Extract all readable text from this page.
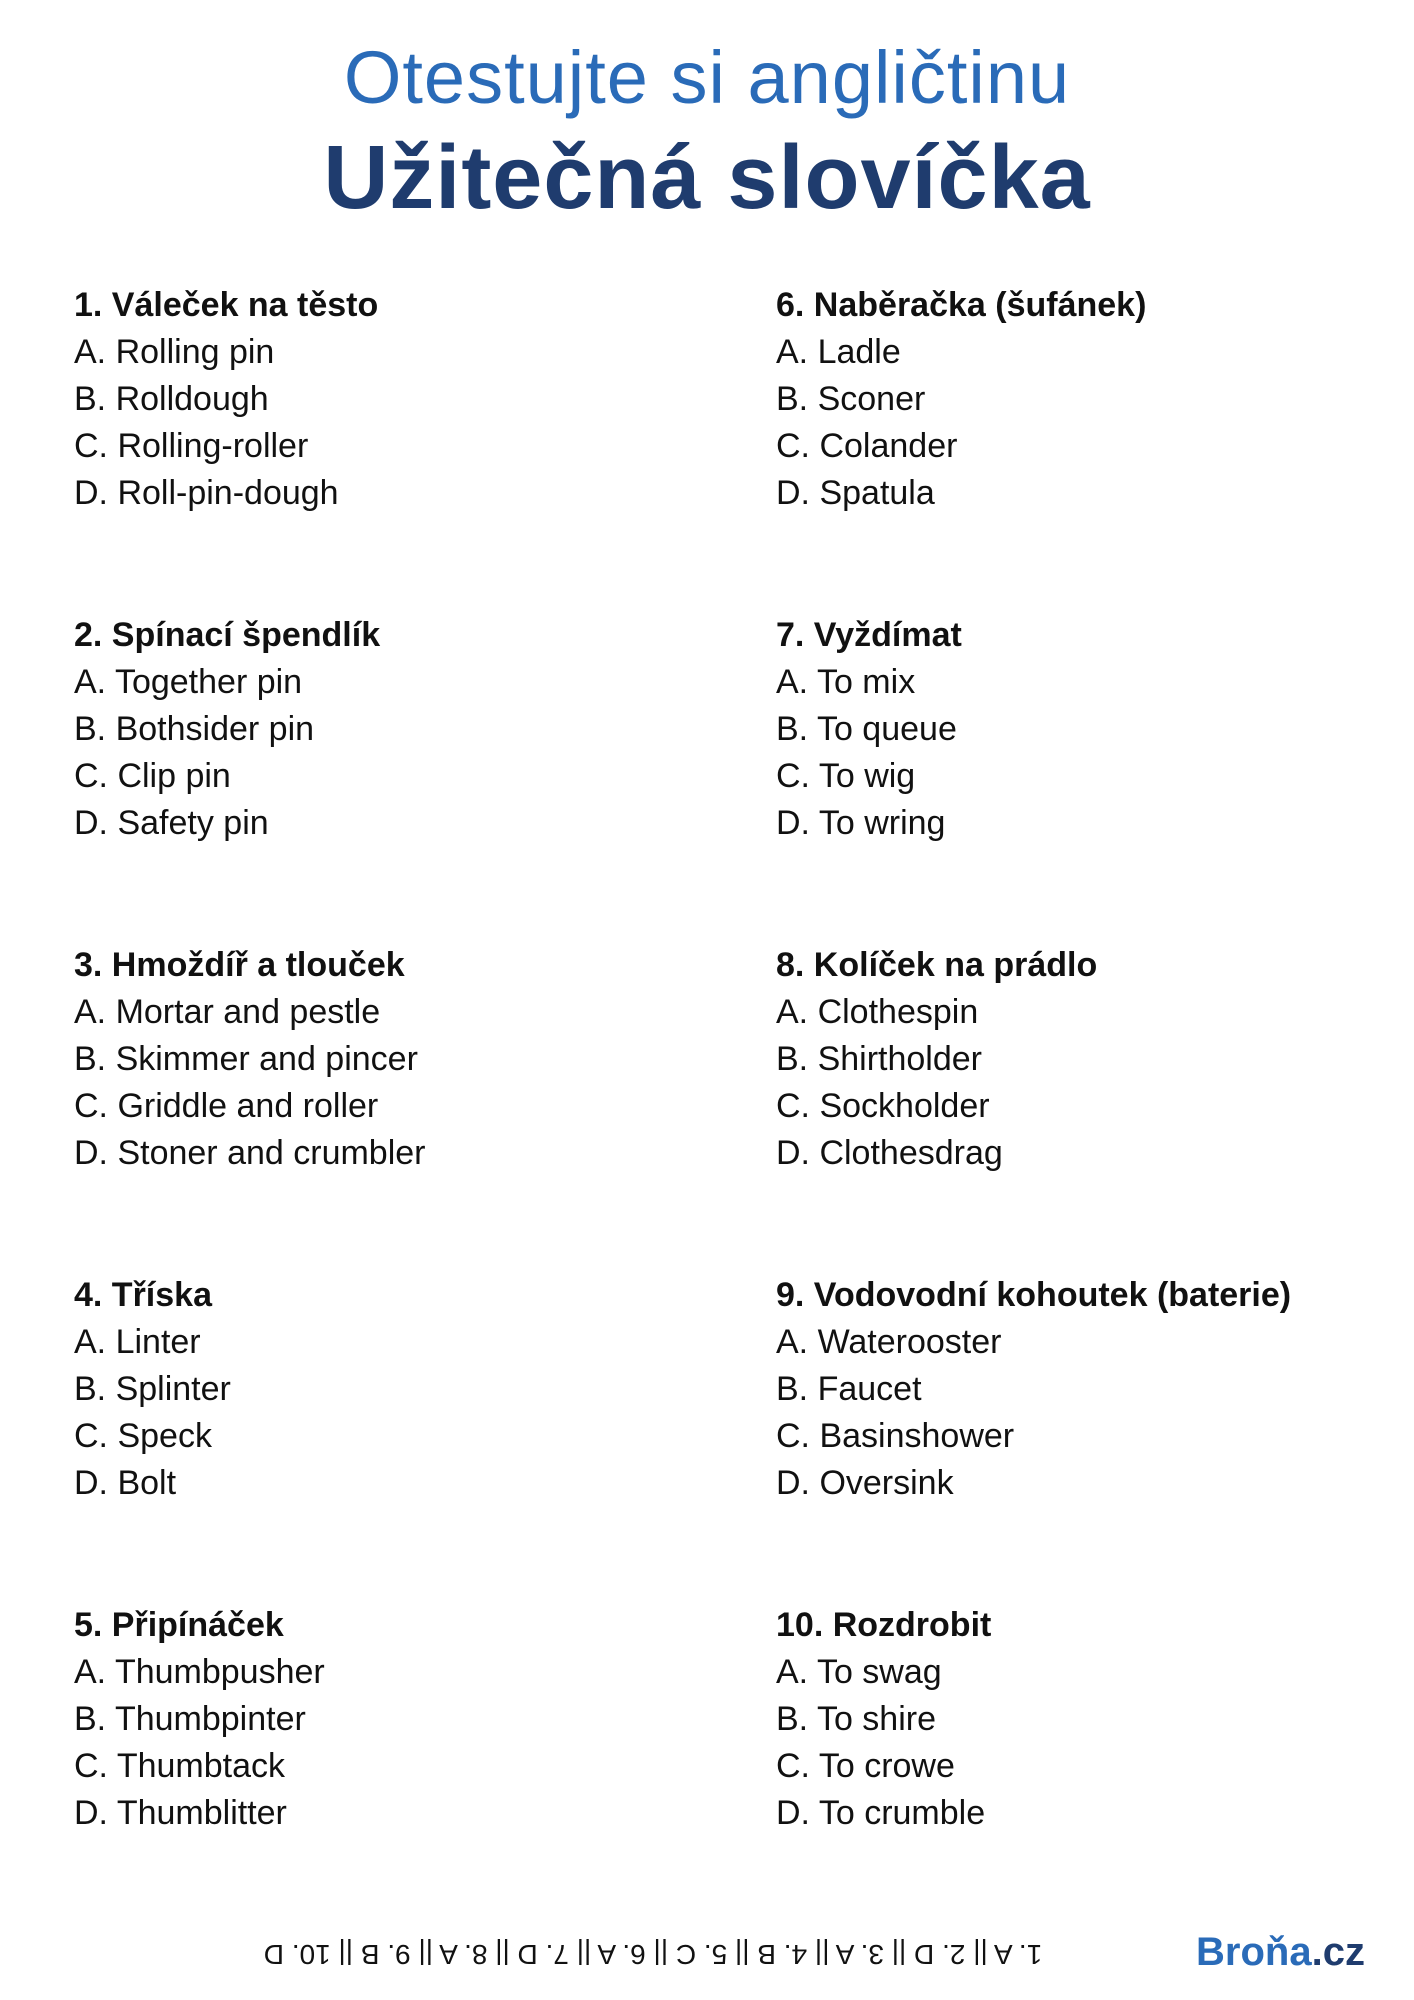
Otestujte si angličtinu
Užitečná slovíčka
1. Váleček na těsto
A. Rolling pin
B. Rolldough
C. Rolling-roller
D. Roll-pin-dough
2. Spínací špendlík
A. Together pin
B. Bothsider pin
C. Clip pin
D. Safety pin
3. Hmoždíř a tlouček
A. Mortar and pestle
B. Skimmer and pincer
C. Griddle and roller
D. Stoner and crumbler
4. Tříska
A. Linter
B. Splinter
C. Speck
D. Bolt
5. Připínáček
A. Thumbpusher
B. Thumbpinter
C. Thumbtack
D. Thumblitter
6. Naběračka (šufánek)
A. Ladle
B. Sconer
C. Colander
D. Spatula
7. Vyždímat
A. To mix
B. To queue
C. To wig
D. To wring
8. Kolíček na prádlo
A. Clothespin
B. Shirtholder
C. Sockholder
D. Clothesdrag
9. Vodovodní kohoutek (baterie)
A. Waterooster
B. Faucet
C. Basinshower
D. Oversink
10. Rozdrobit
A. To swag
B. To shire
C. To crowe
D. To crumble
1. A || 2. D || 3. A || 4. B || 5. C || 6. A || 7. D || 8. A || 9. B || 10. D	Broňa.cz
